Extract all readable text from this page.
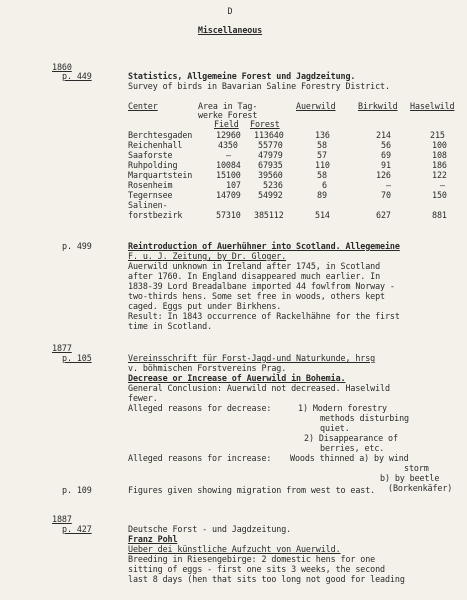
D
Miscellaneous
1860
p. 449	Statistics, Allgemeine Forest und Jagdzeitung.
Survey of birds in Bavarian Saline Forestry District.
Center	Area in Tag-
werke Forest
Field Forest
Auerwild	Birkwild Haselwild
Berchtesgaden	12960 113640	136	214	215
Reichenhall	4350 55770	58	56	100
Saaforste	–	47979	57	69	108
Ruhpolding	10084 67935	110	91	186
Marquartstein	15100 39560	58	126	122
Rosenheim	107	5236	6	–	–
Tegernsee	14709 54992	89	70	150
Salinen-
forstbezirk	57310 385112	514	627	881
p. 499	Reintroduction of Auerhühner into Scotland. Allegemeine
F. u. J. Zeitung, by Dr. Gloger.
Auerwild unknown in Ireland after 1745, in Scotland
after 1760. In England disappeared much earlier. In
1838-39 Lord Breadalbane imported 44 fowlfrom Norway -
two-thirds hens. Some set free in woods, others kept
caged. Eggs put under Birkhens.
Result: In 1843 occurrence of Rackelhähne for the first
time in Scotland.
1877
p. 105	Vereinsschrift für Forst-Jagd-und Naturkunde, hrsg
v. böhmischen Forstvereins Prag.
Decrease or Increase of Auerwild in Bohemia.
General Conclusion: Auerwild not decreased. Haselwild
fewer.
Alleged reasons for decrease:	1) Modern forestry
methods disturbing
quiet.
2) Disappearance of
berries, etc.
Alleged reasons for increase: Woods thinned a) by wind
storm
b) by beetle
(Borkenkäfer)
p. 109	Figures given showing migration from west to east.
1887
p. 427	Deutsche Forst - und Jagdzeitung.
Franz Pohl
Ueber dei künstliche Aufzucht von Auerwild.
Breeding in Riesengebirge: 2 domestic hens for one
sitting of eggs - first one sits 3 weeks, the second
last 8 days (hen that sits too long not good for leading
